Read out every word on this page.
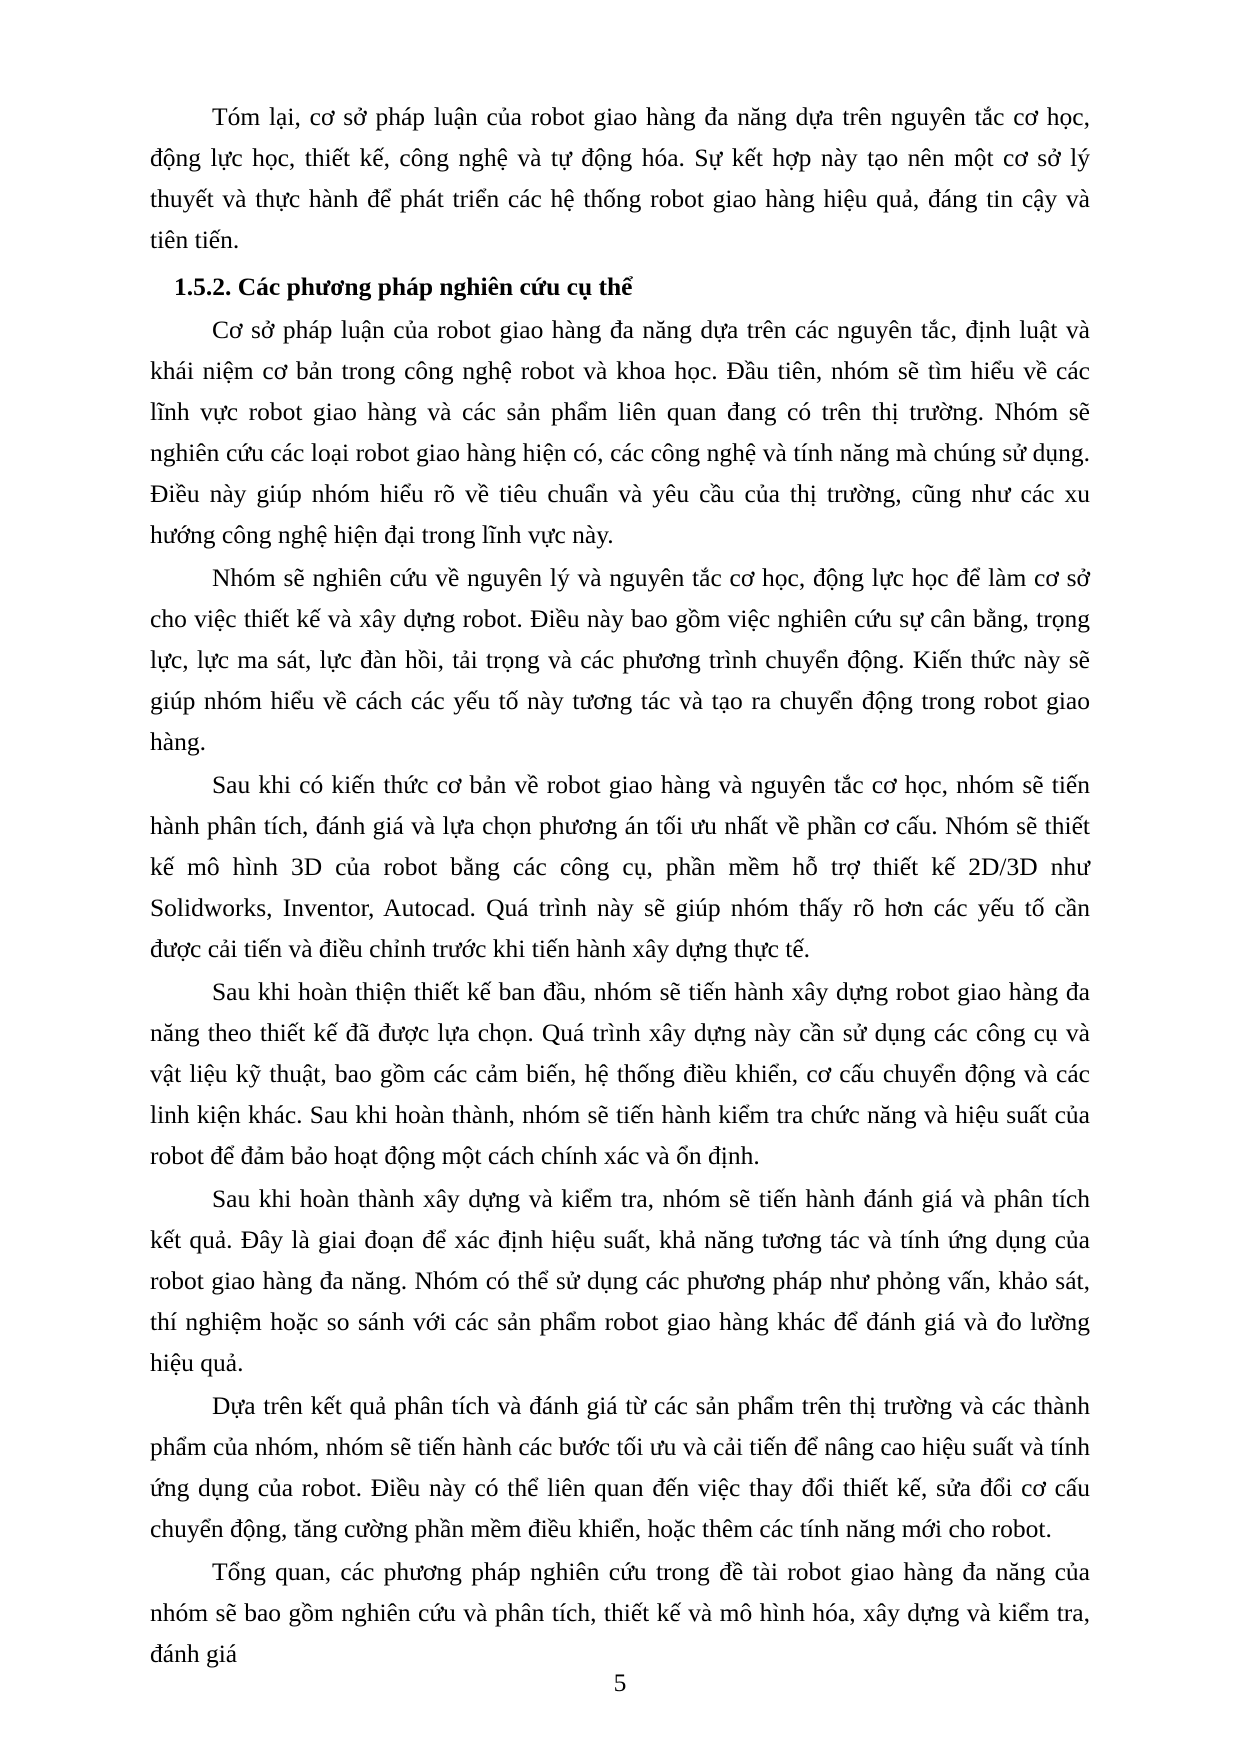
Tóm lại, cơ sở pháp luận của robot giao hàng đa năng dựa trên nguyên tắc cơ học, động lực học, thiết kế, công nghệ và tự động hóa. Sự kết hợp này tạo nên một cơ sở lý thuyết và thực hành để phát triển các hệ thống robot giao hàng hiệu quả, đáng tin cậy và tiên tiến.

1.5.2. Các phương pháp nghiên cứu cụ thể

Cơ sở pháp luận của robot giao hàng đa năng dựa trên các nguyên tắc, định luật và khái niệm cơ bản trong công nghệ robot và khoa học. Đầu tiên, nhóm sẽ tìm hiểu về các lĩnh vực robot giao hàng và các sản phẩm liên quan đang có trên thị trường. Nhóm sẽ nghiên cứu các loại robot giao hàng hiện có, các công nghệ và tính năng mà chúng sử dụng. Điều này giúp nhóm hiểu rõ về tiêu chuẩn và yêu cầu của thị trường, cũng như các xu hướng công nghệ hiện đại trong lĩnh vực này.

Nhóm sẽ nghiên cứu về nguyên lý và nguyên tắc cơ học, động lực học để làm cơ sở cho việc thiết kế và xây dựng robot. Điều này bao gồm việc nghiên cứu sự cân bằng, trọng lực, lực ma sát, lực đàn hồi, tải trọng và các phương trình chuyển động. Kiến thức này sẽ giúp nhóm hiểu về cách các yếu tố này tương tác và tạo ra chuyển động trong robot giao hàng.

Sau khi có kiến thức cơ bản về robot giao hàng và nguyên tắc cơ học, nhóm sẽ tiến hành phân tích, đánh giá và lựa chọn phương án tối ưu nhất về phần cơ cấu. Nhóm sẽ thiết kế mô hình 3D của robot bằng các công cụ, phần mềm hỗ trợ thiết kế 2D/3D như Solidworks, Inventor, Autocad. Quá trình này sẽ giúp nhóm thấy rõ hơn các yếu tố cần được cải tiến và điều chỉnh trước khi tiến hành xây dựng thực tế.

Sau khi hoàn thiện thiết kế ban đầu, nhóm sẽ tiến hành xây dựng robot giao hàng đa năng theo thiết kế đã được lựa chọn. Quá trình xây dựng này cần sử dụng các công cụ và vật liệu kỹ thuật, bao gồm các cảm biến, hệ thống điều khiển, cơ cấu chuyển động và các linh kiện khác. Sau khi hoàn thành, nhóm sẽ tiến hành kiểm tra chức năng và hiệu suất của robot để đảm bảo hoạt động một cách chính xác và ổn định.

Sau khi hoàn thành xây dựng và kiểm tra, nhóm sẽ tiến hành đánh giá và phân tích kết quả. Đây là giai đoạn để xác định hiệu suất, khả năng tương tác và tính ứng dụng của robot giao hàng đa năng. Nhóm có thể sử dụng các phương pháp như phỏng vấn, khảo sát, thí nghiệm hoặc so sánh với các sản phẩm robot giao hàng khác để đánh giá và đo lường hiệu quả.

Dựa trên kết quả phân tích và đánh giá từ các sản phẩm trên thị trường và các thành phẩm của nhóm, nhóm sẽ tiến hành các bước tối ưu và cải tiến để nâng cao hiệu suất và tính ứng dụng của robot. Điều này có thể liên quan đến việc thay đổi thiết kế, sửa đổi cơ cấu chuyển động, tăng cường phần mềm điều khiển, hoặc thêm các tính năng mới cho robot.

Tổng quan, các phương pháp nghiên cứu trong đề tài robot giao hàng đa năng của nhóm sẽ bao gồm nghiên cứu và phân tích, thiết kế và mô hình hóa, xây dựng và kiểm tra, đánh giá

5
